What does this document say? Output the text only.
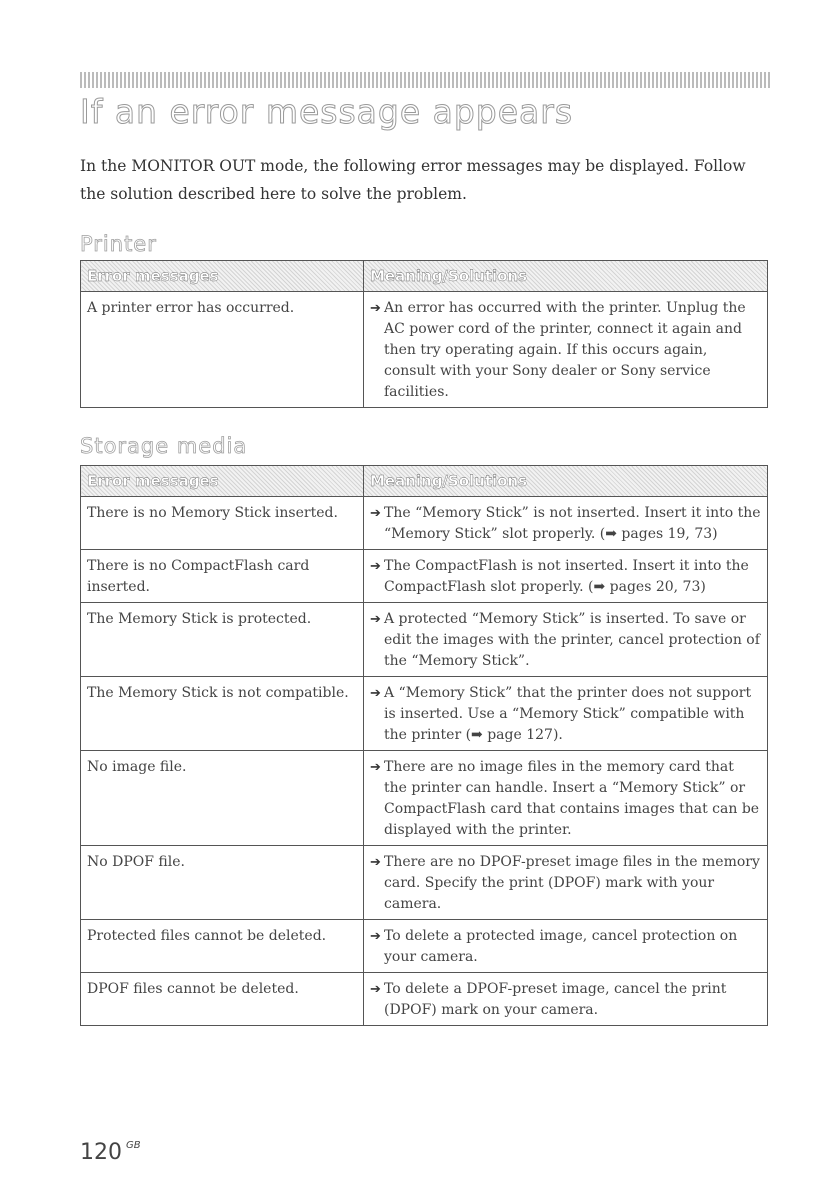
If an error message appears

In the MONITOR OUT mode, the following error messages may be displayed. Follow the solution described here to solve the problem.

Printer
Error messages	Meaning/Solutions
A printer error has occurred.	➔ An error has occurred with the printer. Unplug the AC power cord of the printer, connect it again and then try operating again. If this occurs again, consult with your Sony dealer or Sony service facilities.
Storage media
Error messages	Meaning/Solutions
There is no Memory Stick inserted.	➔ The “Memory Stick” is not inserted. Insert it into the “Memory Stick” slot properly. (➡ pages 19, 73)

There is no CompactFlash card inserted.	➔ The CompactFlash is not inserted. Insert it into the CompactFlash slot properly. (➡ pages 20, 73)

The Memory Stick is protected.	➔ A protected “Memory Stick” is inserted. To save or edit the images with the printer, cancel protection of the “Memory Stick”.

The Memory Stick is not compatible.	➔ A “Memory Stick” that the printer does not support is inserted. Use a “Memory Stick” compatible with the printer (➡ page 127).

No image file.	➔ There are no image files in the memory card that the printer can handle. Insert a “Memory Stick” or CompactFlash card that contains images that can be displayed with the printer.

No DPOF file.	➔ There are no DPOF-preset image files in the memory card. Specify the print (DPOF) mark with your camera.

Protected files cannot be deleted.	➔ To delete a protected image, cancel protection on your camera.

DPOF files cannot be deleted.	➔ To delete a DPOF-preset image, cancel the print (DPOF) mark on your camera.
120 $^{GB}$
